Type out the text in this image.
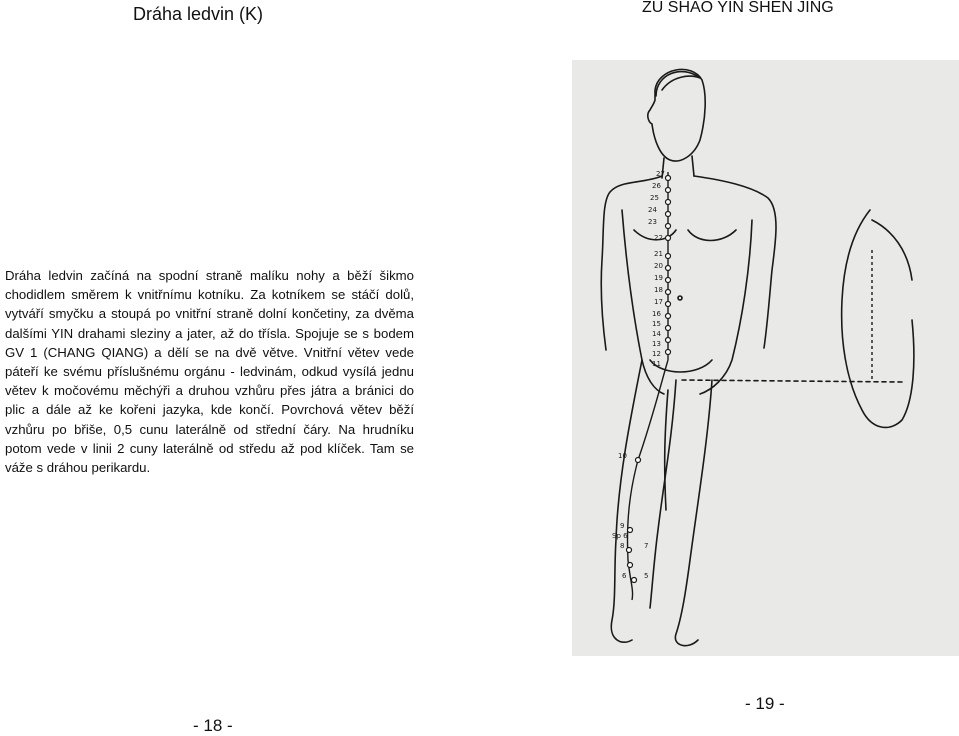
Dráha ledvin (K)	ZU SHAO YIN SHEN JING

Dráha ledvin začíná na spodní straně malíku nohy a běží šikmo chodidlem směrem k vnitřnímu kotníku. Za kotníkem se stáčí dolů, vytváří smyčku a stoupá po vnitřní straně dolní končetiny, za dvěma dalšími YIN drahami sleziny a jater, až do třísla. Spojuje se s bodem GV 1 (CHANG QIANG) a dělí se na dvě větve. Vnitřní větev vede páteří ke svému příslušnému orgánu - ledvinám, odkud vysílá jednu větev k močovému měchýři a druhou vzhůru přes játra a bránici do plic a dále až ke kořeni jazyka, kde končí. Povrchová větev běží vzhůru po břiše, 0,5 cunu laterálně od střední čáry. Na hrudníku potom vede v linii 2 cuny laterálně od středu až pod klíček. Tam se váže s dráhou perikardu.

27
26
25
24
23
22
21
20
19
18
17
16
15
14
13
12
11
10
9
8	7
6	5
Sp 6
- 18 -
- 19 -
